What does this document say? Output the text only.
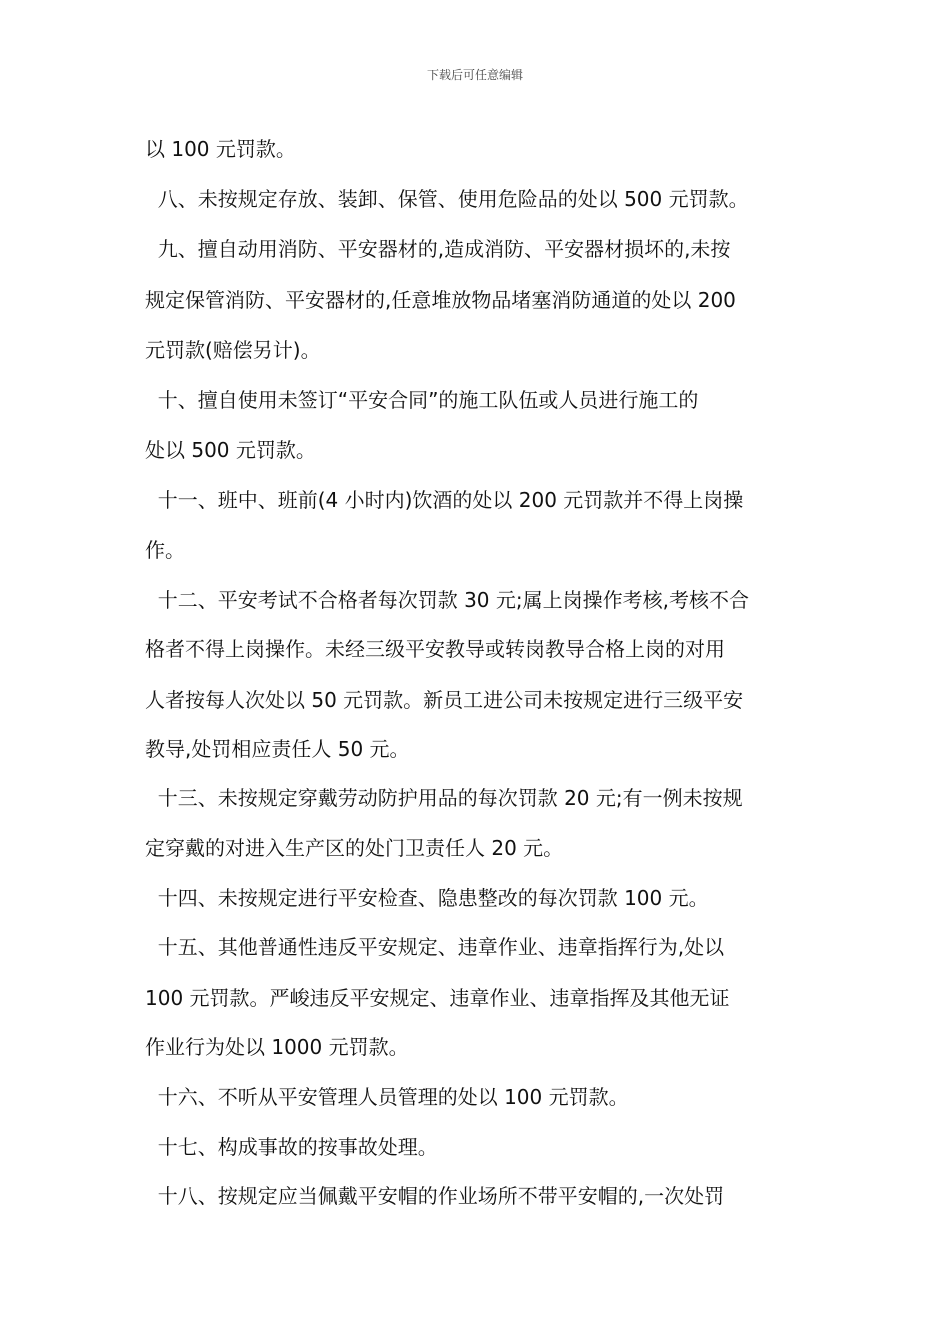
下载后可任意编辑
以 100 元罚款。
八、未按规定存放、装卸、保管、使用危险品的处以 500 元罚款。
九、擅自动用消防、平安器材的,造成消防、平安器材损坏的,未按
规定保管消防、平安器材的,任意堆放物品堵塞消防通道的处以 200
元罚款(赔偿另计)。
十、擅自使用未签订“平安合同”的施工队伍或人员进行施工的
处以 500 元罚款。
十一、班中、班前(4 小时内)饮酒的处以 200 元罚款并不得上岗操
作。
十二、平安考试不合格者每次罚款 30 元;属上岗操作考核,考核不合
格者不得上岗操作。未经三级平安教导或转岗教导合格上岗的对用
人者按每人次处以 50 元罚款。新员工进公司未按规定进行三级平安
教导,处罚相应责任人 50 元。
十三、未按规定穿戴劳动防护用品的每次罚款 20 元;有一例未按规
定穿戴的对进入生产区的处门卫责任人 20 元。
十四、未按规定进行平安检查、隐患整改的每次罚款 100 元。
十五、其他普通性违反平安规定、违章作业、违章指挥行为,处以
100 元罚款。严峻违反平安规定、违章作业、违章指挥及其他无证
作业行为处以 1000 元罚款。
十六、不听从平安管理人员管理的处以 100 元罚款。
十七、构成事故的按事故处理。
十八、按规定应当佩戴平安帽的作业场所不带平安帽的,一次处罚
